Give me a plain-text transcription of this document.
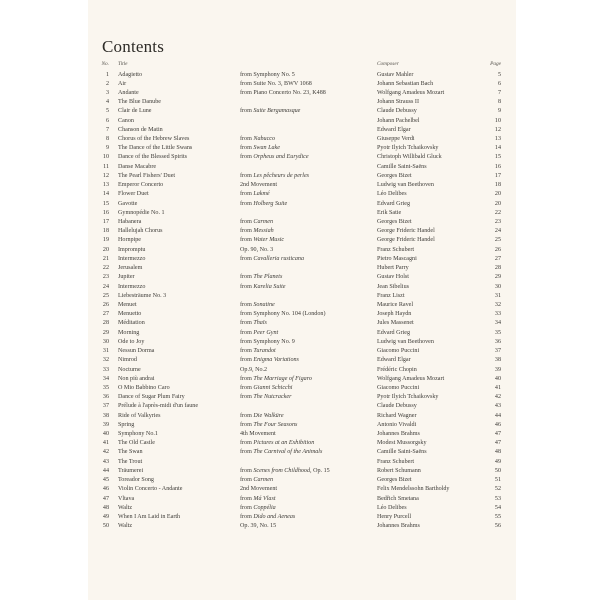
Contents
No. Title	Composer	Page
1 Adagietto	from Symphony No. 5	Gustav Mahler	5
2 Air	from Suite No. 3, BWV 1068	Johann Sebastian Bach	6
3 Andante	from Piano Concerto No. 23, K488	Wolfgang Amadeus Mozart	7
4 The Blue Danube	Johann Strauss II	8
5 Clair de Lune	from Suite Bergamasque	Claude Debussy	9
6 Canon	Johann Pachelbel	10
7 Chanson de Matin	Edward Elgar	12
8 Chorus of the Hebrew Slaves	from Nabucco	Giuseppe Verdi	13
9 The Dance of the Little Swans	from Swan Lake	Pyotr Ilyich Tchaikovsky	14
10 Dance of the Blessed Spirits	from Orpheus and Eurydice	Christoph Willibald Gluck	15
11 Danse Macabre	Camille Saint-Saëns	16
12 The Pearl Fishers' Duet	from Les pêcheurs de perles	Georges Bizet	17
13 Emperor Concerto	2nd Movement	Ludwig van Beethoven	18
14 Flower Duet	from Lakmé	Léo Delibes	20
15 Gavotte	from Holberg Suite	Edvard Grieg	20
16 Gymnopédie No. 1	Erik Satie	22
17 Habanera	from Carmen	Georges Bizet	23
18 Hallelujah Chorus	from Messiah	George Frideric Handel	24
19 Hornpipe	from Water Music	George Frideric Handel	25
20 Impromptu	Op. 90, No. 3	Franz Schubert	26
21 Intermezzo	from Cavalleria rusticana	Pietro Mascagni	27
22 Jerusalem	Hubert Parry	28
23 Jupiter	from The Planets	Gustav Holst	29
24 Intermezzo	from Karelia Suite	Jean Sibelius	30
25 Liebesträume No. 3	Franz Liszt	31
26 Menuet	from Sonatine	Maurice Ravel	32
27 Menuetto	from Symphony No. 104 (London)	Joseph Haydn	33
28 Méditation	from Thaïs	Jules Massenet	34
29 Morning	from Peer Gynt	Edvard Grieg	35
30 Ode to Joy	from Symphony No. 9	Ludwig van Beethoven	36
31 Nessun Dorma	from Turandot	Giacomo Puccini	37
32 Nimrod	from Enigma Variations	Edward Elgar	38
33 Nocturne	Op.9, No.2	Frédéric Chopin	39
34 Non più andrai	from The Marriage of Figaro	Wolfgang Amadeus Mozart	40
35 O Mio Babbino Caro	from Gianni Schicchi	Giacomo Puccini	41
36 Dance of Sugar Plum Fairy	from The Nutcracker	Pyotr Ilyich Tchaikovsky	42
37 Prélude à l'après-midi d'un faune	Claude Debussy	43
38 Ride of Valkyries	from Die Walküre	Richard Wagner	44
39 Spring	from The Four Seasons	Antonio Vivaldi	46
40 Symphony No.1	4th Movement	Johannes Brahms	47
41 The Old Castle	from Pictures at an Exhibition	Modest Mussorgsky	47
42 The Swan	from The Carnival of the Animals	Camille Saint-Saëns	48
43 The Trout	Franz Schubert	49
44 Träumerei	from Scenes from Childhood, Op. 15	Robert Schumann	50
45 Toreador Song	from Carmen	Georges Bizet	51
46 Violin Concerto - Andante	2nd Movement	Felix Mendelssohn Bartholdy	52
47 Vltava	from Má Vlast	Bedřich Smetana	53
48 Waltz	from Coppélia	Léo Delibes	54
49 When I Am Laid in Earth	from Dido and Aeneas	Henry Purcell	55
50 Waltz	Op. 39, No. 15	Johannes Brahms	56
